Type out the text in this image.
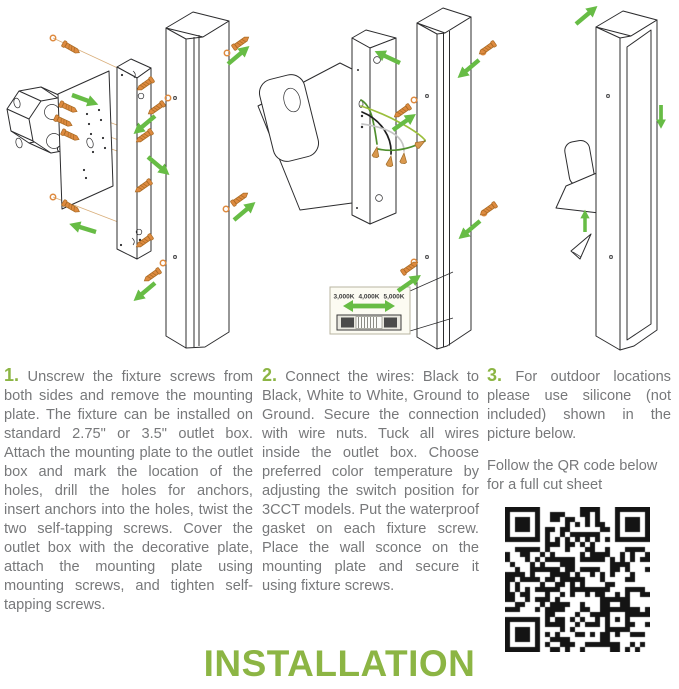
3,000K 4,000K 5,000K

1. Unscrew the fixture screws from both sides and remove the mounting plate. The fixture can be installed on standard 2.75" or 3.5" outlet box. Attach the mounting plate to the outlet box and mark the location of the holes, drill the holes for anchors, insert anchors into the holes, twist the two self-tapping screws. Cover the outlet box with the decorative plate, attach the mounting plate using mounting screws, and tighten self-tapping screws.

2. Connect the wires: Black to Black, White to White, Ground to Ground. Secure the connection with wire nuts. Tuck all wires inside the outlet box. Choose preferred color temperature by adjusting the switch position for 3CCT models. Put the waterproof gasket on each fixture screw. Place the wall sconce on the mounting plate and secure it using fixture screws.

3. For outdoor locations please use silicone (not included) shown in the picture below.

Follow the QR code below for a full cut sheet

INSTALLATION
